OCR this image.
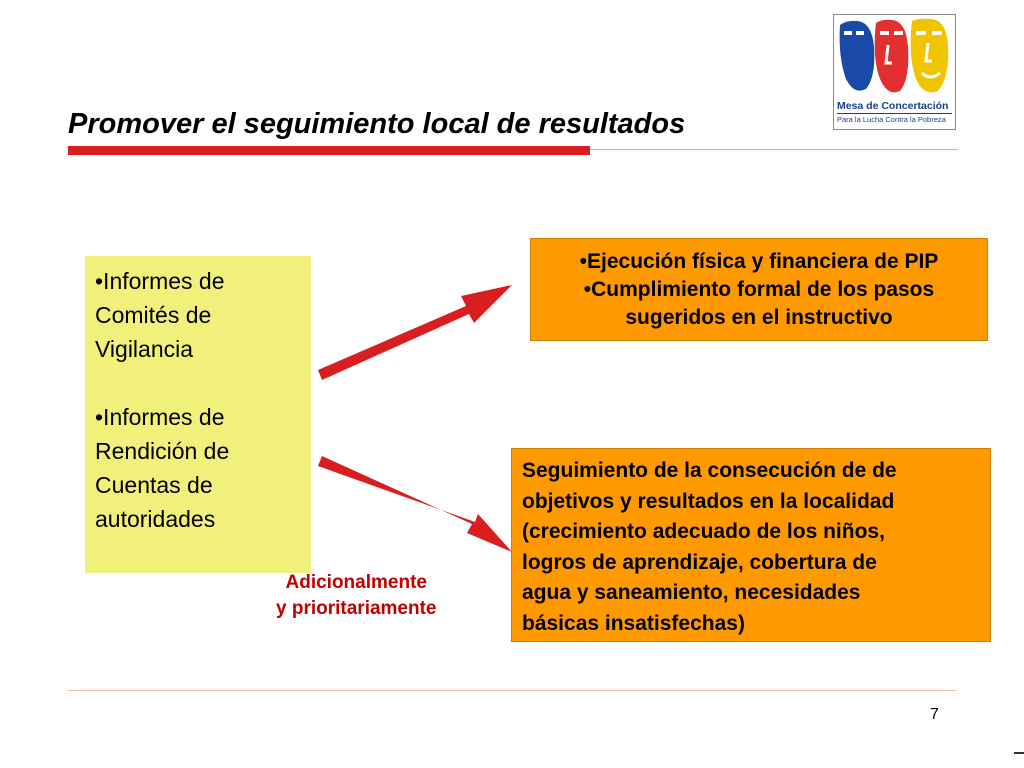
Promover el seguimiento local de resultados
Mesa de Concertación
Para la Lucha Contra la Pobreza

•Informes de
Comités de
Vigilancia

•Informes de
Rendición de
Cuentas de
autoridades

•Ejecución física y financiera de PIP
•Cumplimiento formal de los pasos
sugeridos en el instructivo
Seguimiento de la consecución de de
objetivos y resultados en la localidad
(crecimiento adecuado de los niños,
logros de aprendizaje, cobertura de
agua y saneamiento, necesidades
básicas insatisfechas)
Adicionalmente
y prioritariamente
7
